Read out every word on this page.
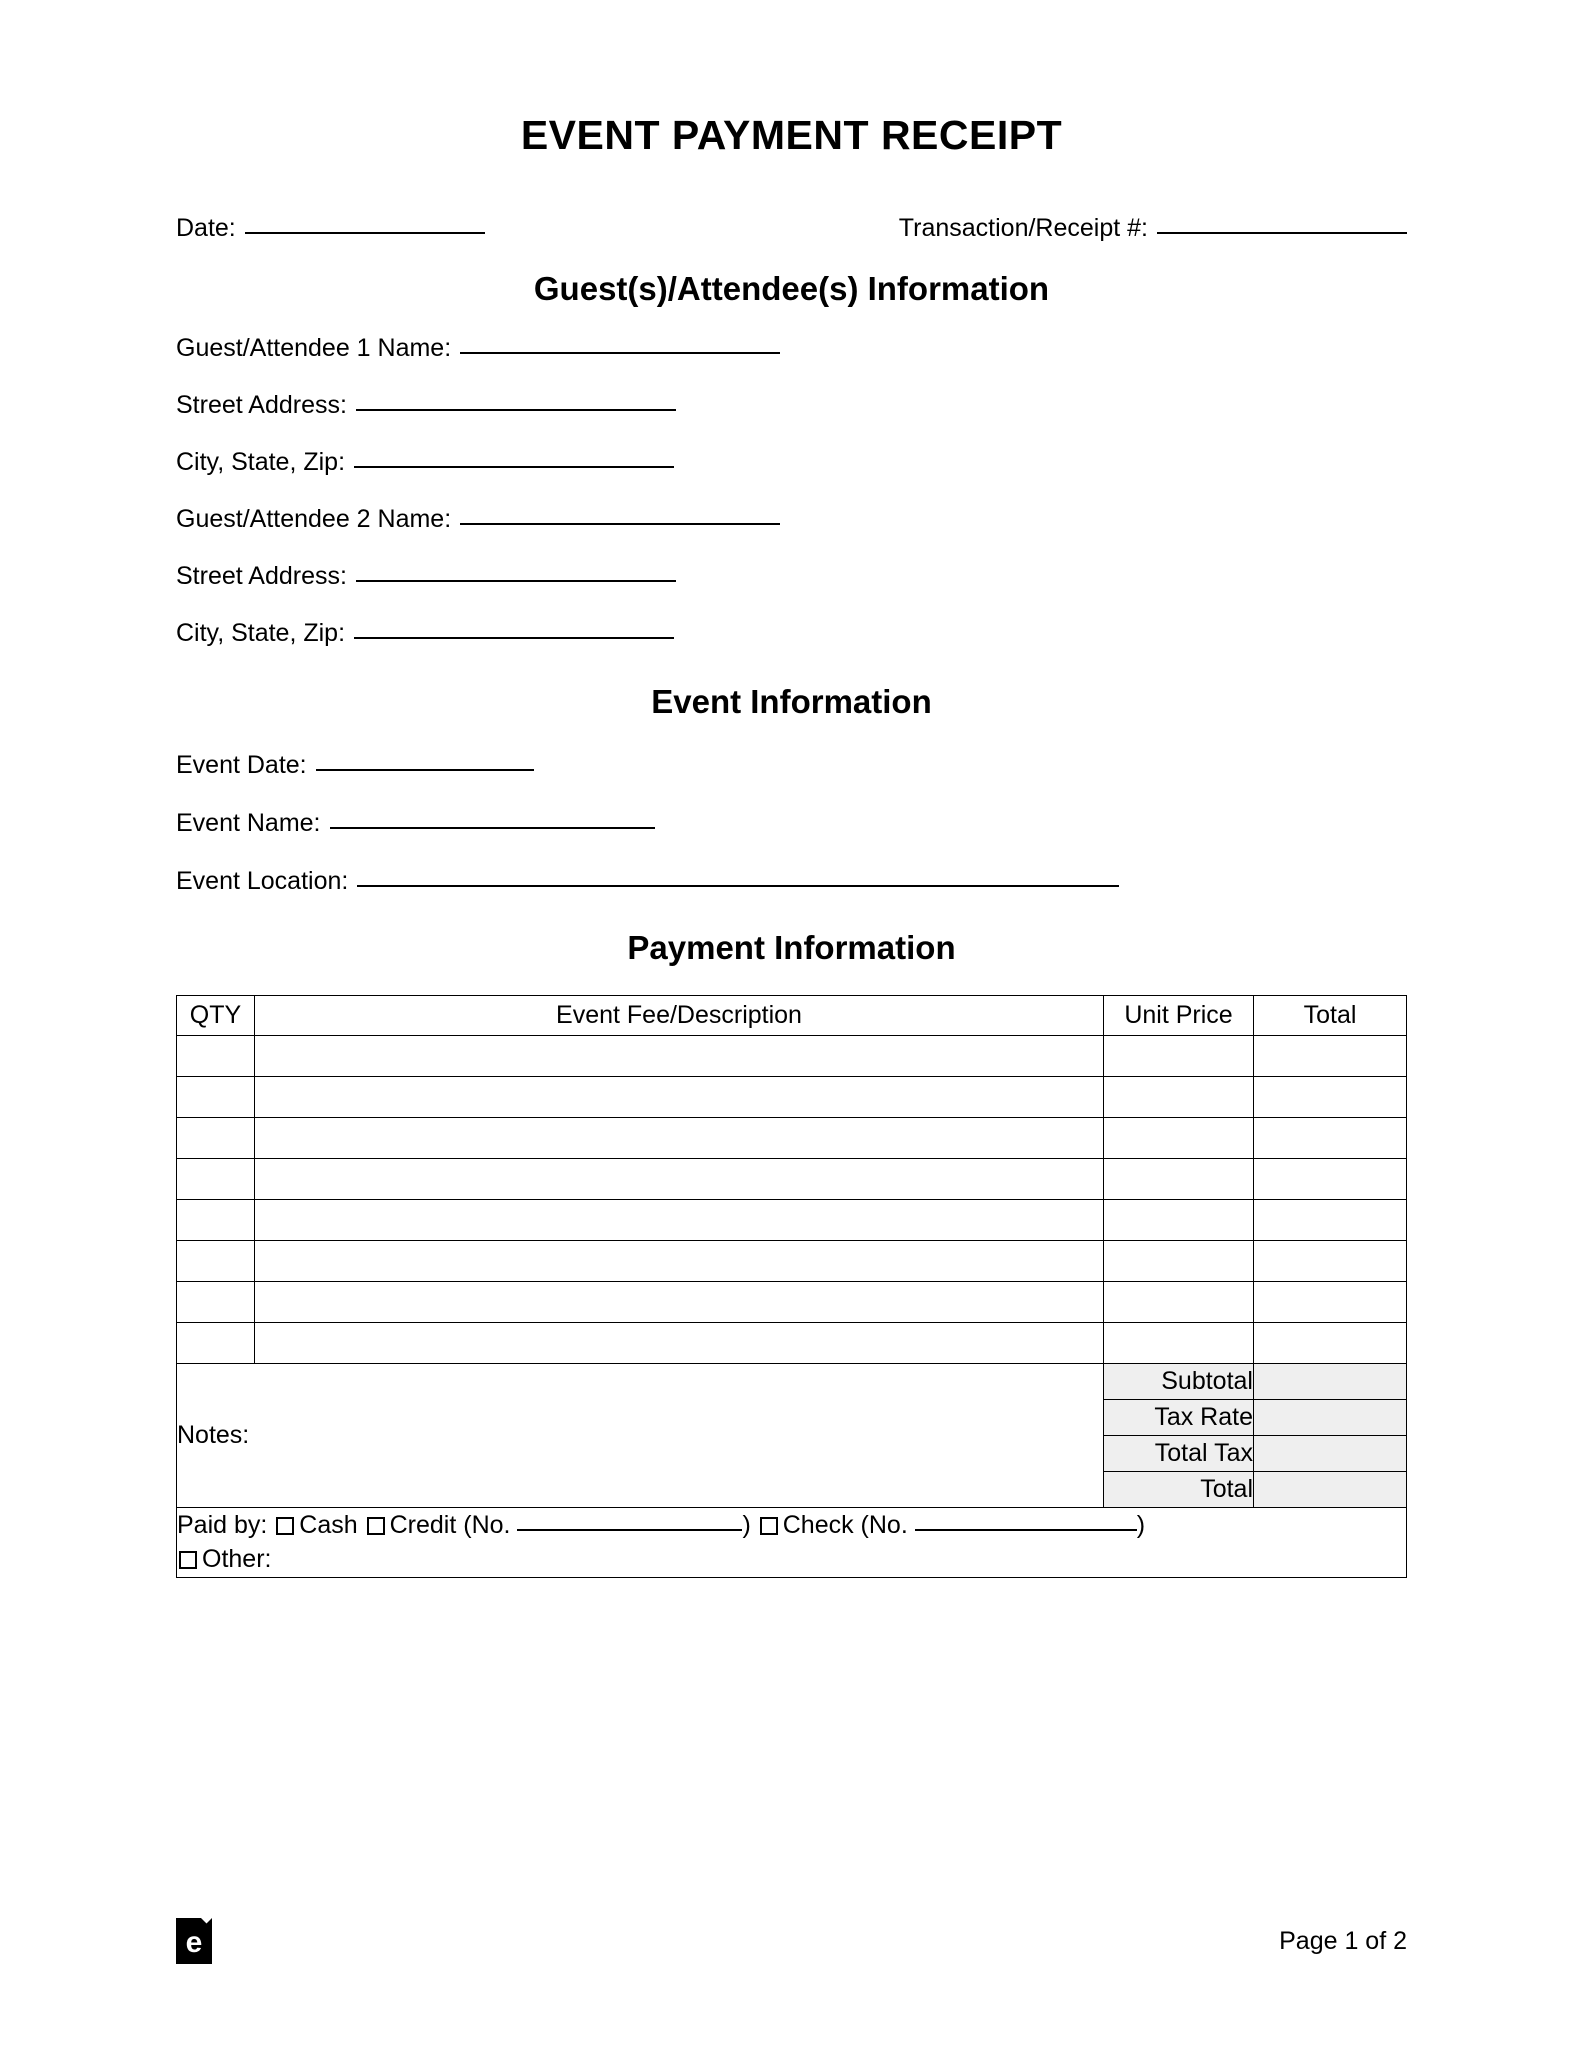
EVENT PAYMENT RECEIPT
Date:	Transaction/Receipt #:
Guest(s)/Attendee(s) Information
Guest/Attendee 1 Name:
Street Address:
City, State, Zip:
Guest/Attendee 2 Name:
Street Address:
City, State, Zip:
Event Information
Event Date:
Event Name:
Event Location:
Payment Information
QTY	Event Fee/Description	Unit Price	Total

Notes:		Subtotal	
		Tax Rate	
		Total Tax	
		Total	

Paid by: Cash Credit (No. ) Check (No. )
Other:			
e	Page 1 of 2
